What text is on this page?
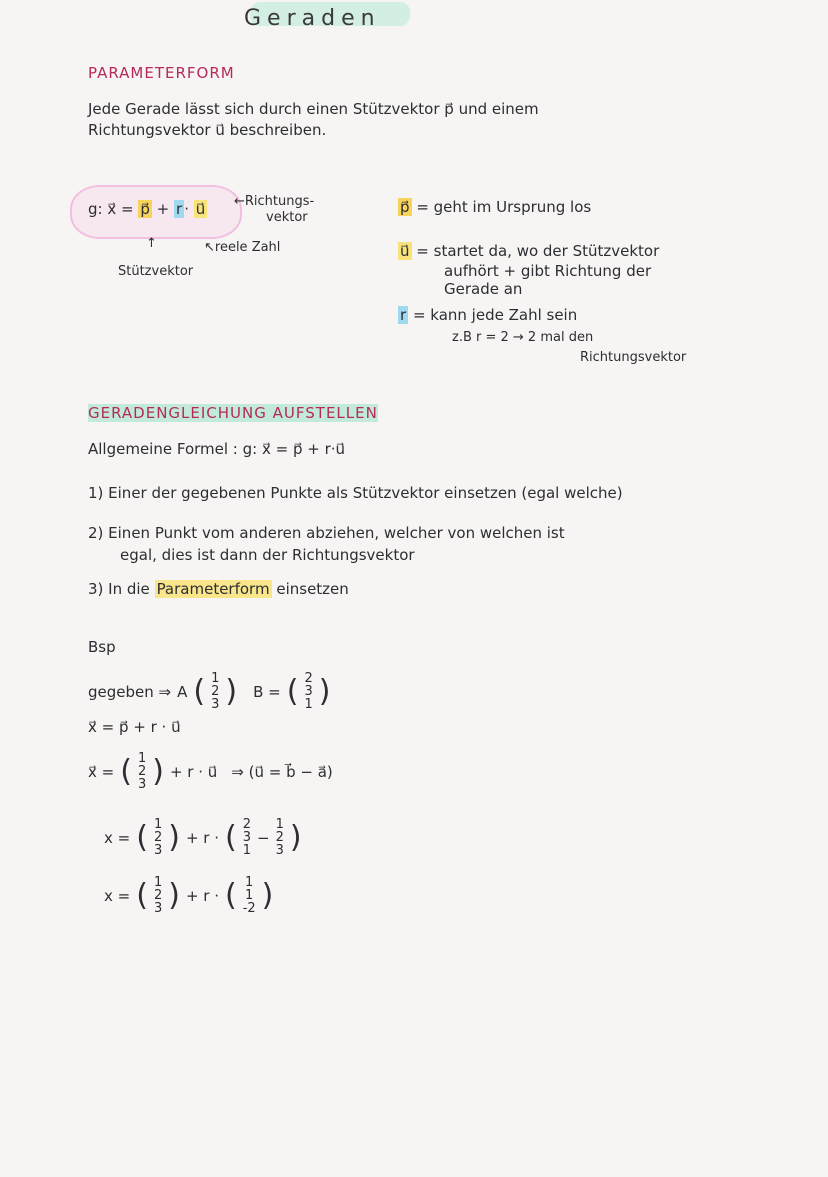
Geraden
PARAMETERFORM
Jede Gerade lässt sich durch einen Stützvektor p⃗ und einem
Richtungsvektor u⃗ beschreiben.
g: x⃗ = p⃗ + r · u⃗ ←Richtungs-
vektor
↖reele Zahl
↑
Stützvektor
p⃗ = geht im Ursprung los
u⃗ = startet da, wo der Stützvektor
aufhört + gibt Richtung der
Gerade an
r = kann jede Zahl sein
z.B r = 2 → 2 mal den
Richtungsvektor
GERADENGLEICHUNG AUFSTELLEN
Allgemeine Formel : g: x⃗ = p⃗ + r·u⃗
1) Einer der gegebenen Punkte als Stützvektor einsetzen (egal welche)
2) Einen Punkt vom anderen abziehen, welcher von welchen ist
egal, dies ist dann der Richtungsvektor
3) In die Parameterform einsetzen
Bsp
gegeben ⇒ A ( 1
2
3 ) B = ( 2
3
1 )
x⃗ = p⃗ + r · u⃗
x⃗ = ( 1
2
3 ) + r · u⃗ ⇒ (u⃗ = b⃗ − a⃗)
x = ( 1
2
3 ) + r · ( 2
3
1
−
1
2
3 )
x = ( 1
2
3 ) + r · ( 1
1
-2 )
